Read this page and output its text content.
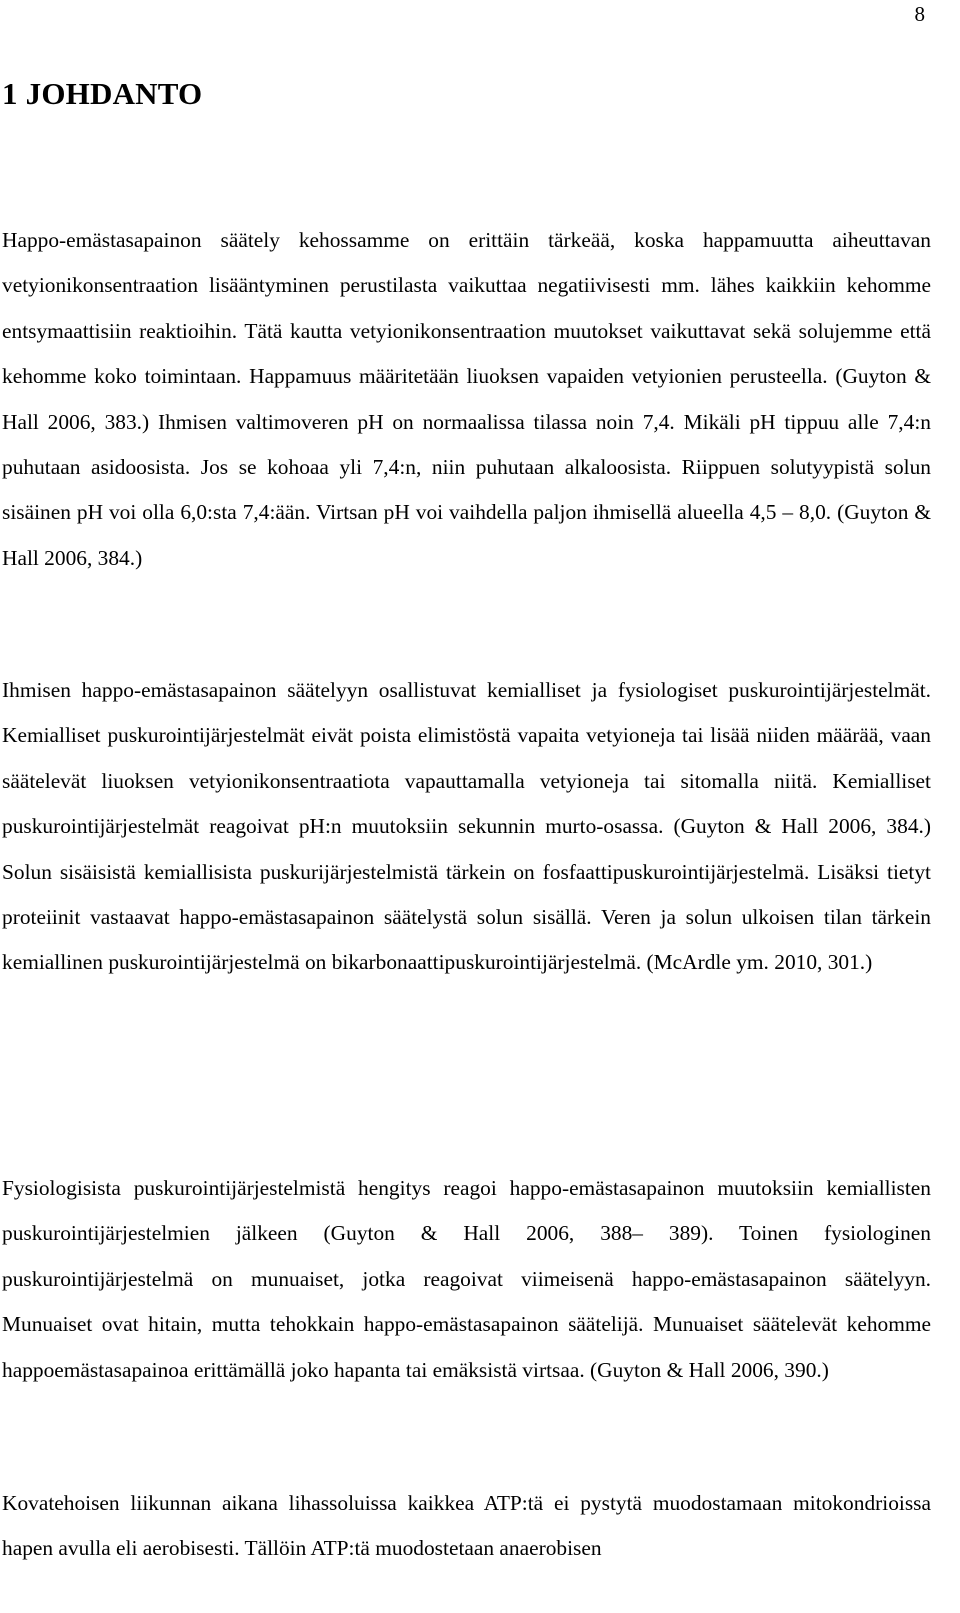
8
1 JOHDANTO

Happo-emästasapainon säätely kehossamme on erittäin tärkeää, koska happamuutta aiheuttavan vetyionikonsentraation lisääntyminen perustilasta vaikuttaa negatiivisesti mm. lähes kaikkiin kehomme entsymaattisiin reaktioihin. Tätä kautta vetyionikonsentraation muutokset vaikuttavat sekä solujemme että kehomme koko toimintaan. Happamuus määritetään liuoksen vapaiden vetyionien perusteella. (Guyton & Hall 2006, 383.) Ihmisen valtimoveren pH on normaalissa tilassa noin 7,4. Mikäli pH tippuu alle 7,4:n puhutaan asidoosista. Jos se kohoaa yli 7,4:n, niin puhutaan alkaloosista. Riippuen solutyypistä solun sisäinen pH voi olla 6,0:sta 7,4:ään. Virtsan pH voi vaihdella paljon ihmisellä alueella 4,5 – 8,0. (Guyton & Hall 2006, 384.)

Ihmisen happo-emästasapainon säätelyyn osallistuvat kemialliset ja fysiologiset puskurointijärjestelmät. Kemialliset puskurointijärjestelmät eivät poista elimistöstä vapaita vetyioneja tai lisää niiden määrää, vaan säätelevät liuoksen vetyionikonsentraatiota vapauttamalla vetyioneja tai sitomalla niitä. Kemialliset puskurointijärjestelmät reagoivat pH:n muutoksiin sekunnin murto-osassa. (Guyton & Hall 2006, 384.) Solun sisäisistä kemiallisista puskurijärjestelmistä tärkein on fosfaattipuskurointijärjestelmä. Lisäksi tietyt proteiinit vastaavat happo-emästasapainon säätelystä solun sisällä. Veren ja solun ulkoisen tilan tärkein kemiallinen puskurointijärjestelmä on bikarbonaattipuskurointijärjestelmä. (McArdle ym. 2010, 301.)

Fysiologisista puskurointijärjestelmistä hengitys reagoi happo-emästasapainon muutoksiin kemiallisten puskurointijärjestelmien jälkeen (Guyton & Hall 2006, 388– 389). Toinen fysiologinen puskurointijärjestelmä on munuaiset, jotka reagoivat viimeisenä happo-emästasapainon säätelyyn. Munuaiset ovat hitain, mutta tehokkain happo-emästasapainon säätelijä. Munuaiset säätelevät kehomme happoemästasapainoa erittämällä joko hapanta tai emäksistä virtsaa. (Guyton & Hall 2006, 390.)

Kovatehoisen liikunnan aikana lihassoluissa kaikkea ATP:tä ei pystytä muodostamaan mitokondrioissa hapen avulla eli aerobisesti. Tällöin ATP:tä muodostetaan anaerobisen
